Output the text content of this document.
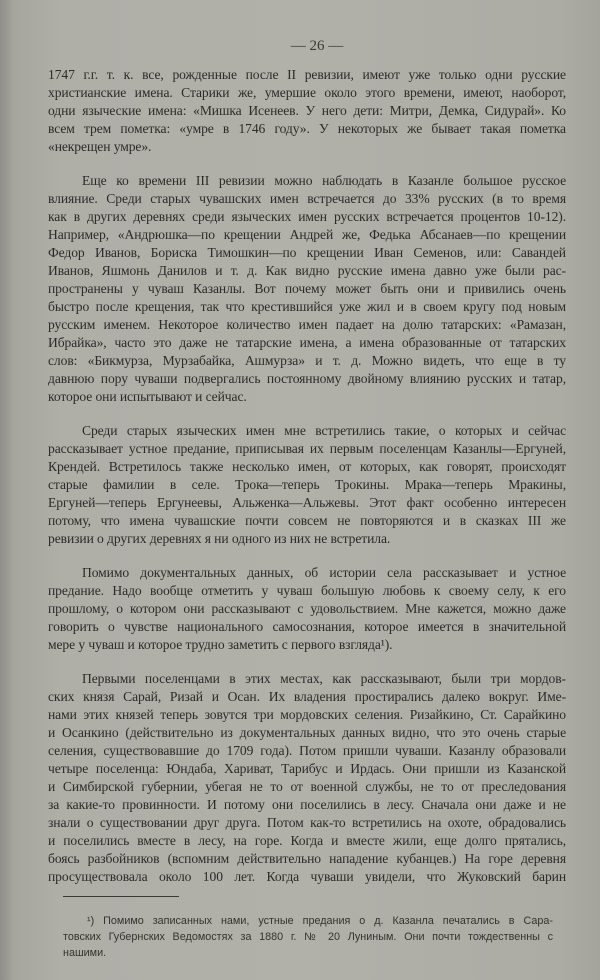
— 26 —
1747 г.г. т. к. все, рожденные после II ревизии, имеют уже только одни русские
христианские имена. Старики же, умершие около этого времени, имеют, наоборот,
одни языческие имена: «Мишка Исенеев. У него дети: Митри, Демка, Сидурай». Ко
всем трем пометка: «умре в 1746 году». У некоторых же бывает такая пометка
«некрещен умре».
Еще ко времени III ревизии можно наблюдать в Казанле большое русское
влияние. Среди старых чувашских имен встречается до 33% русских (в то время
как в других деревнях среди языческих имен русских встречается процентов 10-12).
Например, «Андрюшка—по крещении Андрей же, Федька Абсанаев—по крещении
Федор Иванов, Бориска Тимошкин—по крещении Иван Семенов, или: Савандей
Иванов, Яшмонь Данилов и т. д. Как видно русские имена давно уже были рас-
пространены у чуваш Казанлы. Вот почему может быть они и привились очень
быстро после крещения, так что крестившийся уже жил и в своем кругу под новым
русским именем. Некоторое количество имен падает на долю татарских: «Рамазан,
Ибрайка», часто это даже не татарские имена, а имена образованные от татарских
слов: «Бикмурза, Мурзабайка, Ашмурза» и т. д. Можно видеть, что еще в ту
давнюю пору чуваши подвергались постоянному двойному влиянию русских и татар,
которое они испытывают и сейчас.
Среди старых языческих имен мне встретились такие, о которых и сейчас
рассказывает устное предание, приписывая их первым поселенцам Казанлы—Ергуней,
Крендей. Встретилось также несколько имен, от которых, как говорят, происходят
старые фамилии в селе. Трока—теперь Трокины. Мрака—теперь Мракины,
Ергуней—теперь Ергунеевы, Альженка—Альжевы. Этот факт особенно интересен
потому, что имена чувашские почти совсем не повторяются и в сказках III же
ревизии о других деревнях я ни одного из них не встретила.
Помимо документальных данных, об истории села рассказывает и устное
предание. Надо вообще отметить у чуваш большую любовь к своему селу, к его
прошлому, о котором они рассказывают с удовольствием. Мне кажется, можно даже
говорить о чувстве национального самосознания, которое имеется в значительной
мере у чуваш и которое трудно заметить с первого взгляда¹).
Первыми поселенцами в этих местах, как рассказывают, были три мордов-
ских князя Сарай, Ризай и Осан. Их владения простирались далеко вокруг. Име-
нами этих князей теперь зовутся три мордовских селения. Ризайкино, Ст. Сарайкино
и Осанкино (действительно из документальных данных видно, что это очень старые
селения, существовавшие до 1709 года). Потом пришли чуваши. Казанлу образовали
четыре поселенца: Юндаба, Хариват, Тарибус и Ирдась. Они пришли из Казанской
и Симбирской губернии, убегая не то от военной службы, не то от преследования
за какие-то провинности. И потому они поселились в лесу. Сначала они даже и не
знали о существовании друг друга. Потом как-то встретились на охоте, обрадовались
и поселились вместе в лесу, на горе. Когда и вместе жили, еще долго прятались,
боясь разбойников (вспомним действительно нападение кубанцев.) На горе деревня
просуществовала около 100 лет. Когда чуваши увидели, что Жуковский барин
¹) Помимо записанных нами, устные предания о д. Казанла печатались в Сара-
товских Губернских Ведомостях за 1880 г. № 20 Луниным. Они почти тождественны с
нашими.
